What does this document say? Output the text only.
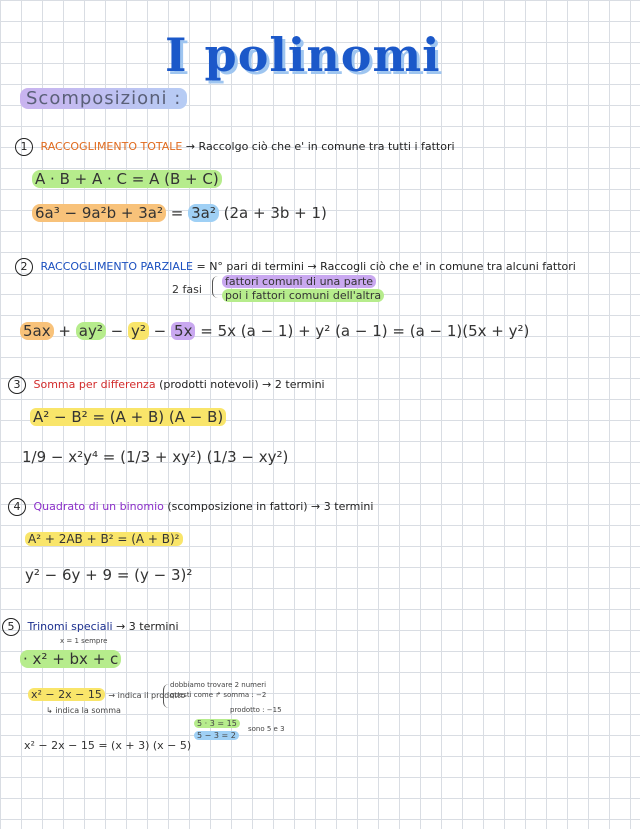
I polinomi
Scomposizioni :
1 RACCOGLIMENTO TOTALE → Raccolgo ciò che e' in comune tra tutti i fattori
A · B + A · C = A (B + C)
6a³ − 9a²b + 3a² = 3a² (2a + 3b + 1)
2 RACCOGLIMENTO PARZIALE = N° pari di termini → Raccogli ciò che e' in comune tra alcuni fattori
2 fasi
fattori comuni di una parte
poi i fattori comuni dell'altra
5ax + ay² − y² − 5x = 5x (a − 1) + y² (a − 1) = (a − 1)(5x + y²)
3 Somma per differenza (prodotti notevoli) → 2 termini
A² − B² = (A + B) (A − B)
1/9 − x²y⁴ = (1/3 + xy²) (1/3 − xy²)
4 Quadrato di un binomio (scomposizione in fattori) → 3 termini
A² + 2AB + B² = (A + B)²
y² − 6y + 9 = (y − 3)²
5 Trinomi speciali → 3 termini
x = 1 sempre
· x² + bx + c
x² − 2x − 15 → indica il prodotto
↳ indica la somma
dobbiamo trovare 2 numeri
questi come ↱ somma : −2
prodotto : −15
5 · 3 = 15
5 − 3 = 2
sono 5 e 3
x² − 2x − 15 = (x + 3) (x − 5)
